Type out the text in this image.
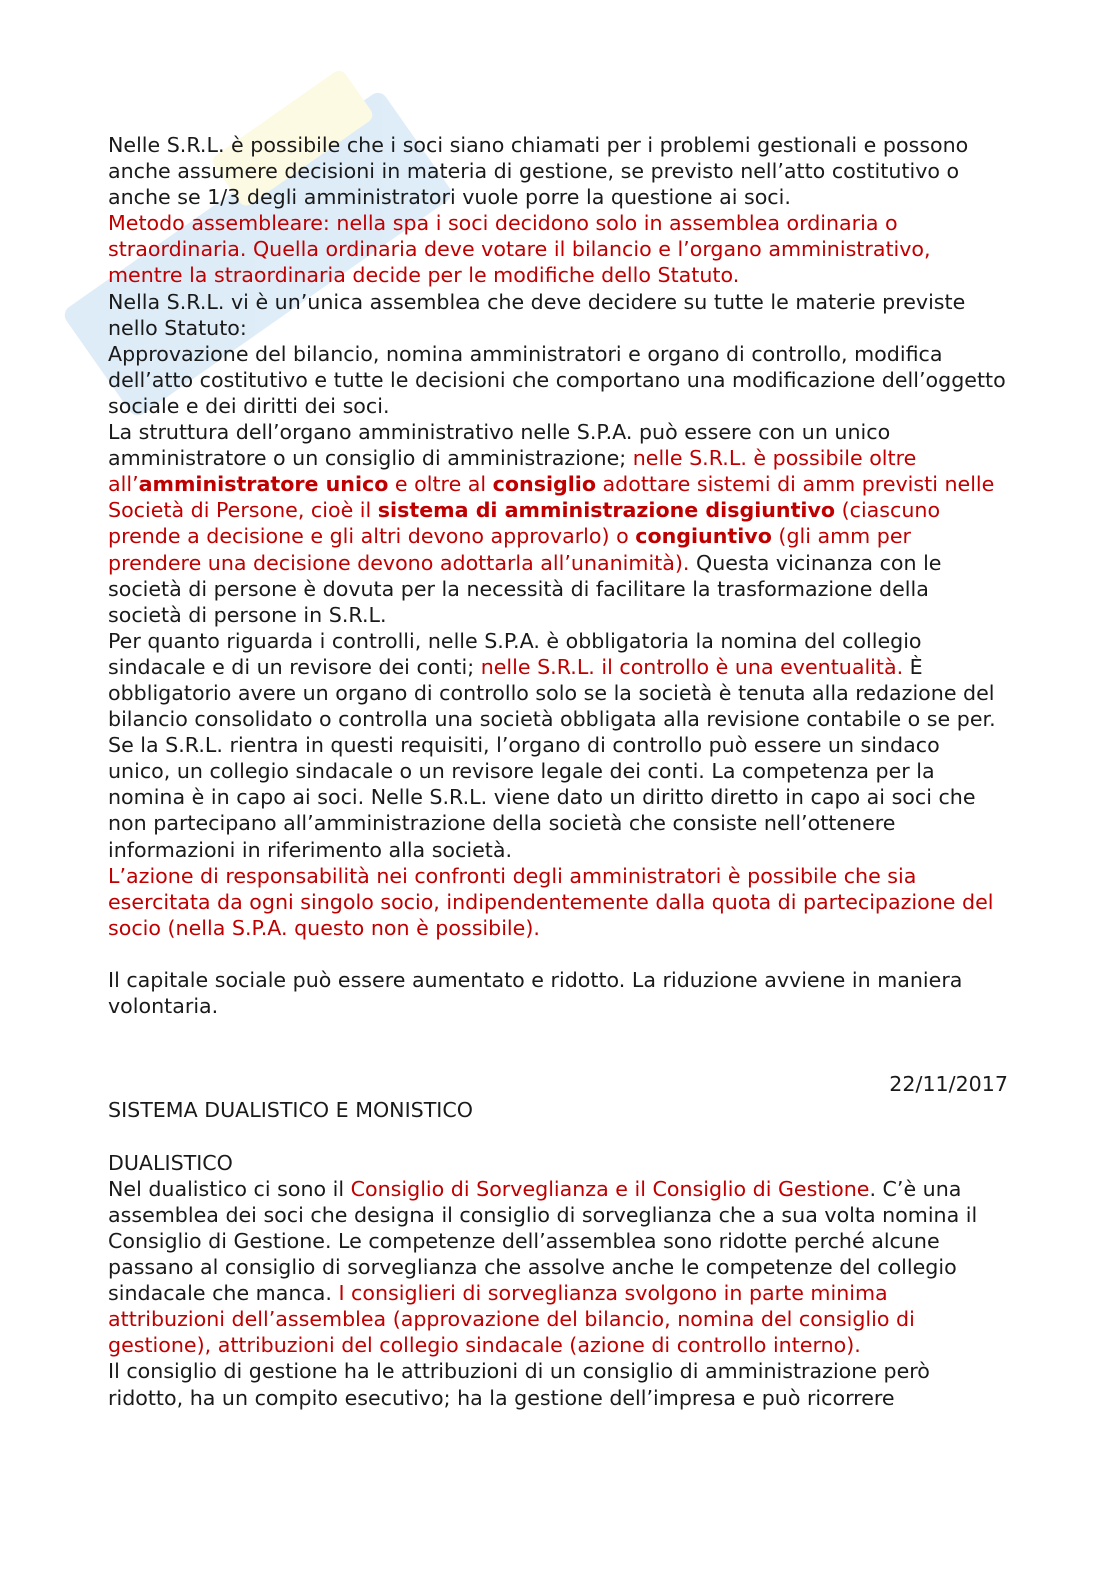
Nelle S.R.L. è possibile che i soci siano chiamati per i problemi gestionali e possono anche assumere decisioni in materia di gestione, se previsto nell’atto costitutivo o anche se 1/3 degli amministratori vuole porre la questione ai soci.

Metodo assembleare: nella spa i soci decidono solo in assemblea ordinaria o straordinaria. Quella ordinaria deve votare il bilancio e l’organo amministrativo, mentre la straordinaria decide per le modifiche dello Statuto.

Nella S.R.L. vi è un’unica assemblea che deve decidere su tutte le materie previste nello Statuto:

Approvazione del bilancio, nomina amministratori e organo di controllo, modifica dell’atto costitutivo e tutte le decisioni che comportano una modificazione dell’oggetto sociale e dei diritti dei soci.

La struttura dell’organo amministrativo nelle S.P.A. può essere con un unico amministratore o un consiglio di amministrazione; nelle S.R.L. è possibile oltre all’amministratore unico e oltre al consiglio adottare sistemi di amm previsti nelle Società di Persone, cioè il sistema di amministrazione disgiuntivo (ciascuno prende a decisione e gli altri devono approvarlo) o congiuntivo (gli amm per prendere una decisione devono adottarla all’unanimità). Questa vicinanza con le società di persone è dovuta per la necessità di facilitare la trasformazione della società di persone in S.R.L.

Per quanto riguarda i controlli, nelle S.P.A. è obbligatoria la nomina del collegio sindacale e di un revisore dei conti; nelle S.R.L. il controllo è una eventualità. È obbligatorio avere un organo di controllo solo se la società è tenuta alla redazione del bilancio consolidato o controlla una società obbligata alla revisione contabile o se per. Se la S.R.L. rientra in questi requisiti, l’organo di controllo può essere un sindaco unico, un collegio sindacale o un revisore legale dei conti. La competenza per la nomina è in capo ai soci. Nelle S.R.L. viene dato un diritto diretto in capo ai soci che non partecipano all’amministrazione della società che consiste nell’ottenere informazioni in riferimento alla società.

L’azione di responsabilità nei confronti degli amministratori è possibile che sia esercitata da ogni singolo socio, indipendentemente dalla quota di partecipazione del socio (nella S.P.A. questo non è possibile).

Il capitale sociale può essere aumentato e ridotto. La riduzione avviene in maniera volontaria.

22/11/2017

SISTEMA DUALISTICO E MONISTICO

DUALISTICO

Nel dualistico ci sono il Consiglio di Sorveglianza e il Consiglio di Gestione. C’è una assemblea dei soci che designa il consiglio di sorveglianza che a sua volta nomina il Consiglio di Gestione. Le competenze dell’assemblea sono ridotte perché alcune passano al consiglio di sorveglianza che assolve anche le competenze del collegio sindacale che manca. I consiglieri di sorveglianza svolgono in parte minima attribuzioni dell’assemblea (approvazione del bilancio, nomina del consiglio di gestione), attribuzioni del collegio sindacale (azione di controllo interno).

Il consiglio di gestione ha le attribuzioni di un consiglio di amministrazione però ridotto, ha un compito esecutivo; ha la gestione dell’impresa e può ricorrere
